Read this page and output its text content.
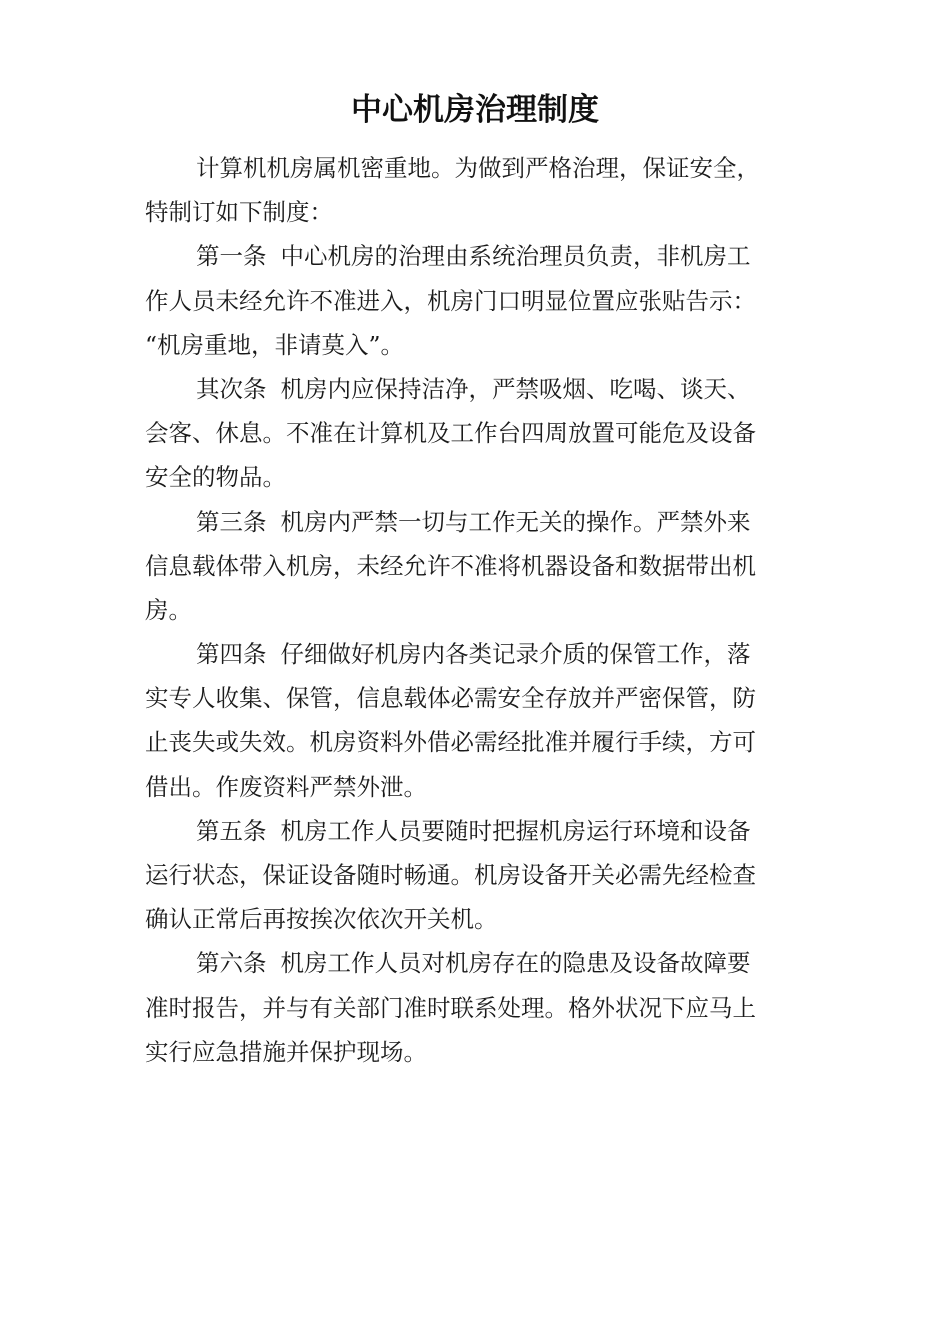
中心机房治理制度
计算机机房属机密重地。为做到严格治理，保证安全，
特制订如下制度：
第一条 中心机房的治理由系统治理员负责，非机房工
作人员未经允许不准进入，机房门口明显位置应张贴告示：
“机房重地，非请莫入”。
其次条 机房内应保持洁净，严禁吸烟、吃喝、谈天、
会客、休息。不准在计算机及工作台四周放置可能危及设备
安全的物品。
第三条 机房内严禁一切与工作无关的操作。严禁外来
信息载体带入机房，未经允许不准将机器设备和数据带出机
房。
第四条 仔细做好机房内各类记录介质的保管工作，落
实专人收集、保管，信息载体必需安全存放并严密保管，防
止丧失或失效。机房资料外借必需经批准并履行手续，方可
借出。作废资料严禁外泄。
第五条 机房工作人员要随时把握机房运行环境和设备
运行状态，保证设备随时畅通。机房设备开关必需先经检查
确认正常后再按挨次依次开关机。
第六条 机房工作人员对机房存在的隐患及设备故障要
准时报告，并与有关部门准时联系处理。格外状况下应马上
实行应急措施并保护现场。
